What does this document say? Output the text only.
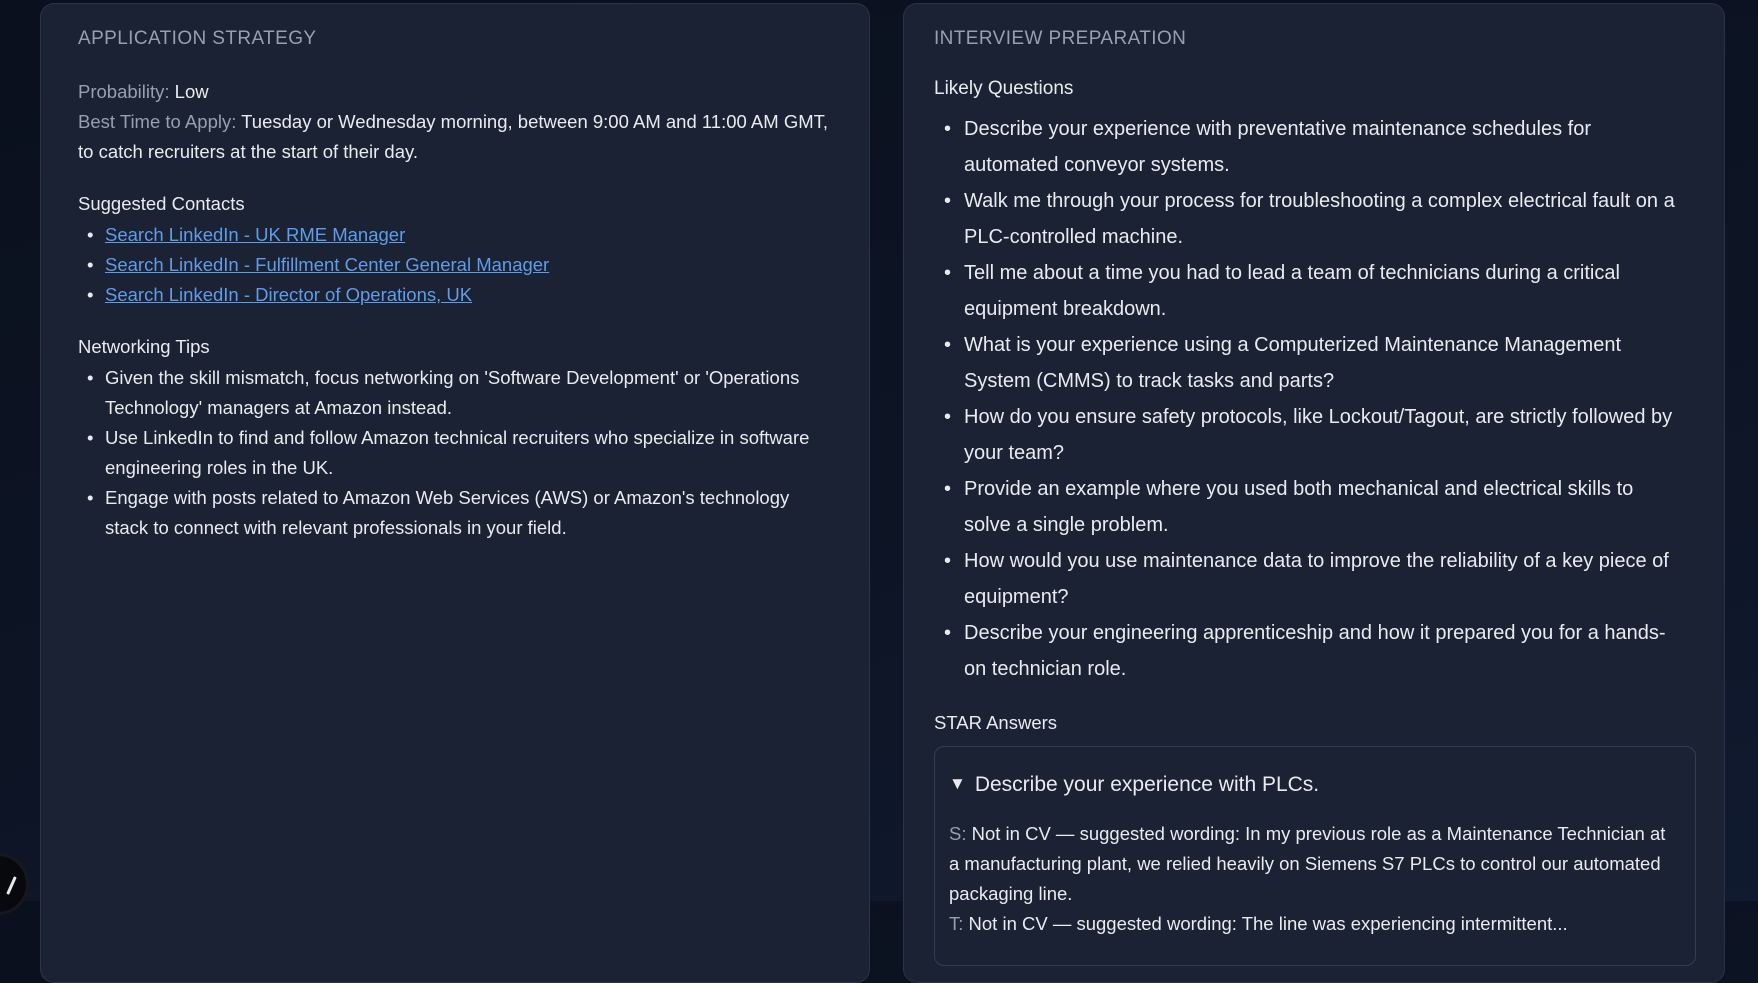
APPLICATION STRATEGY
Probability: Low
Best Time to Apply: Tuesday or Wednesday morning, between 9:00 AM and 11:00 AM GMT, to catch recruiters at the start of their day.
Suggested Contacts
• Search LinkedIn - UK RME Manager
• Search LinkedIn - Fulfillment Center General Manager
• Search LinkedIn - Director of Operations, UK
Networking Tips
• Given the skill mismatch, focus networking on 'Software Development' or 'Operations Technology' managers at Amazon instead.
• Use LinkedIn to find and follow Amazon technical recruiters who specialize in software engineering roles in the UK.
• Engage with posts related to Amazon Web Services (AWS) or Amazon's technology stack to connect with relevant professionals in your field.
INTERVIEW PREPARATION
Likely Questions
• Describe your experience with preventative maintenance schedules for automated conveyor systems.
• Walk me through your process for troubleshooting a complex electrical fault on a PLC-controlled machine.
• Tell me about a time you had to lead a team of technicians during a critical equipment breakdown.
• What is your experience using a Computerized Maintenance Management System (CMMS) to track tasks and parts?
• How do you ensure safety protocols, like Lockout/Tagout, are strictly followed by your team?
• Provide an example where you used both mechanical and electrical skills to solve a single problem.
• How would you use maintenance data to improve the reliability of a key piece of equipment?
• Describe your engineering apprenticeship and how it prepared you for a hands-on technician role.
STAR Answers
▼ Describe your experience with PLCs.

S: Not in CV — suggested wording: In my previous role as a Maintenance Technician at a manufacturing plant, we relied heavily on Siemens S7 PLCs to control our automated packaging line.

T: Not in CV — suggested wording: The line was experiencing intermittent...
